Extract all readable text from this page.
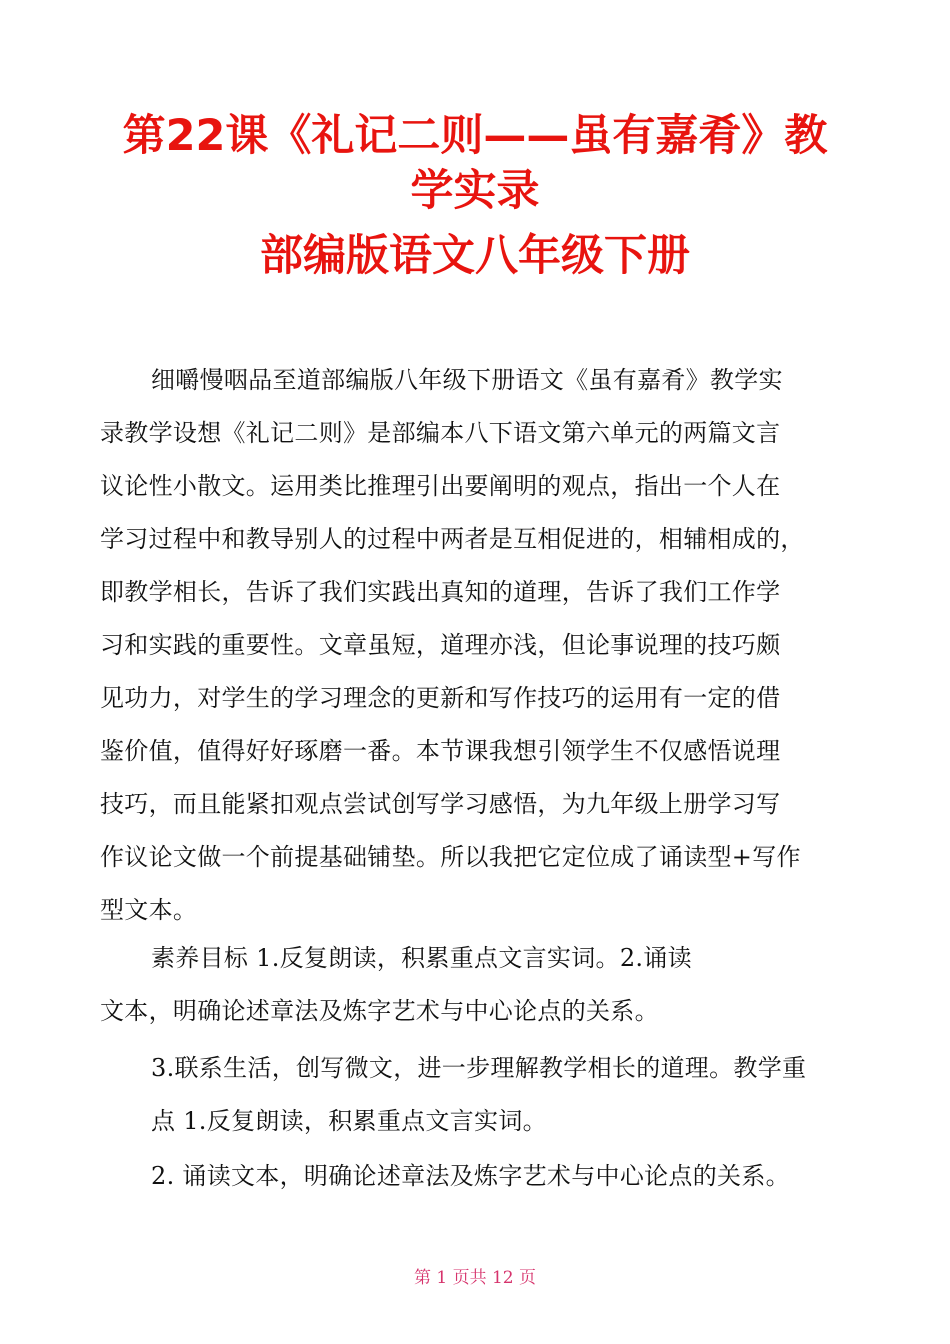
第22课《礼记二则——虽有嘉肴》教
学实录
部编版语文八年级下册
细嚼慢咽品至道部编版八年级下册语文《虽有嘉肴》教学实
录教学设想《礼记二则》是部编本八下语文第六单元的两篇文言
议论性小散文。运用类比推理引出要阐明的观点，指出一个人在
学习过程中和教导别人的过程中两者是互相促进的，相辅相成的，
即教学相长，告诉了我们实践出真知的道理，告诉了我们工作学
习和实践的重要性。文章虽短，道理亦浅，但论事说理的技巧颇
见功力，对学生的学习理念的更新和写作技巧的运用有一定的借
鉴价值，值得好好琢磨一番。本节课我想引领学生不仅感悟说理
技巧，而且能紧扣观点尝试创写学习感悟，为九年级上册学习写
作议论文做一个前提基础铺垫。所以我把它定位成了诵读型+写作
型文本。
素养目标 1.反复朗读，积累重点文言实词。2.诵读
文本，明确论述章法及炼字艺术与中心论点的关系。
3.联系生活，创写微文，进一步理解教学相长的道理。教学重
点 1.反复朗读，积累重点文言实词。
2. 诵读文本，明确论述章法及炼字艺术与中心论点的关系。
第 1 页共 12 页
